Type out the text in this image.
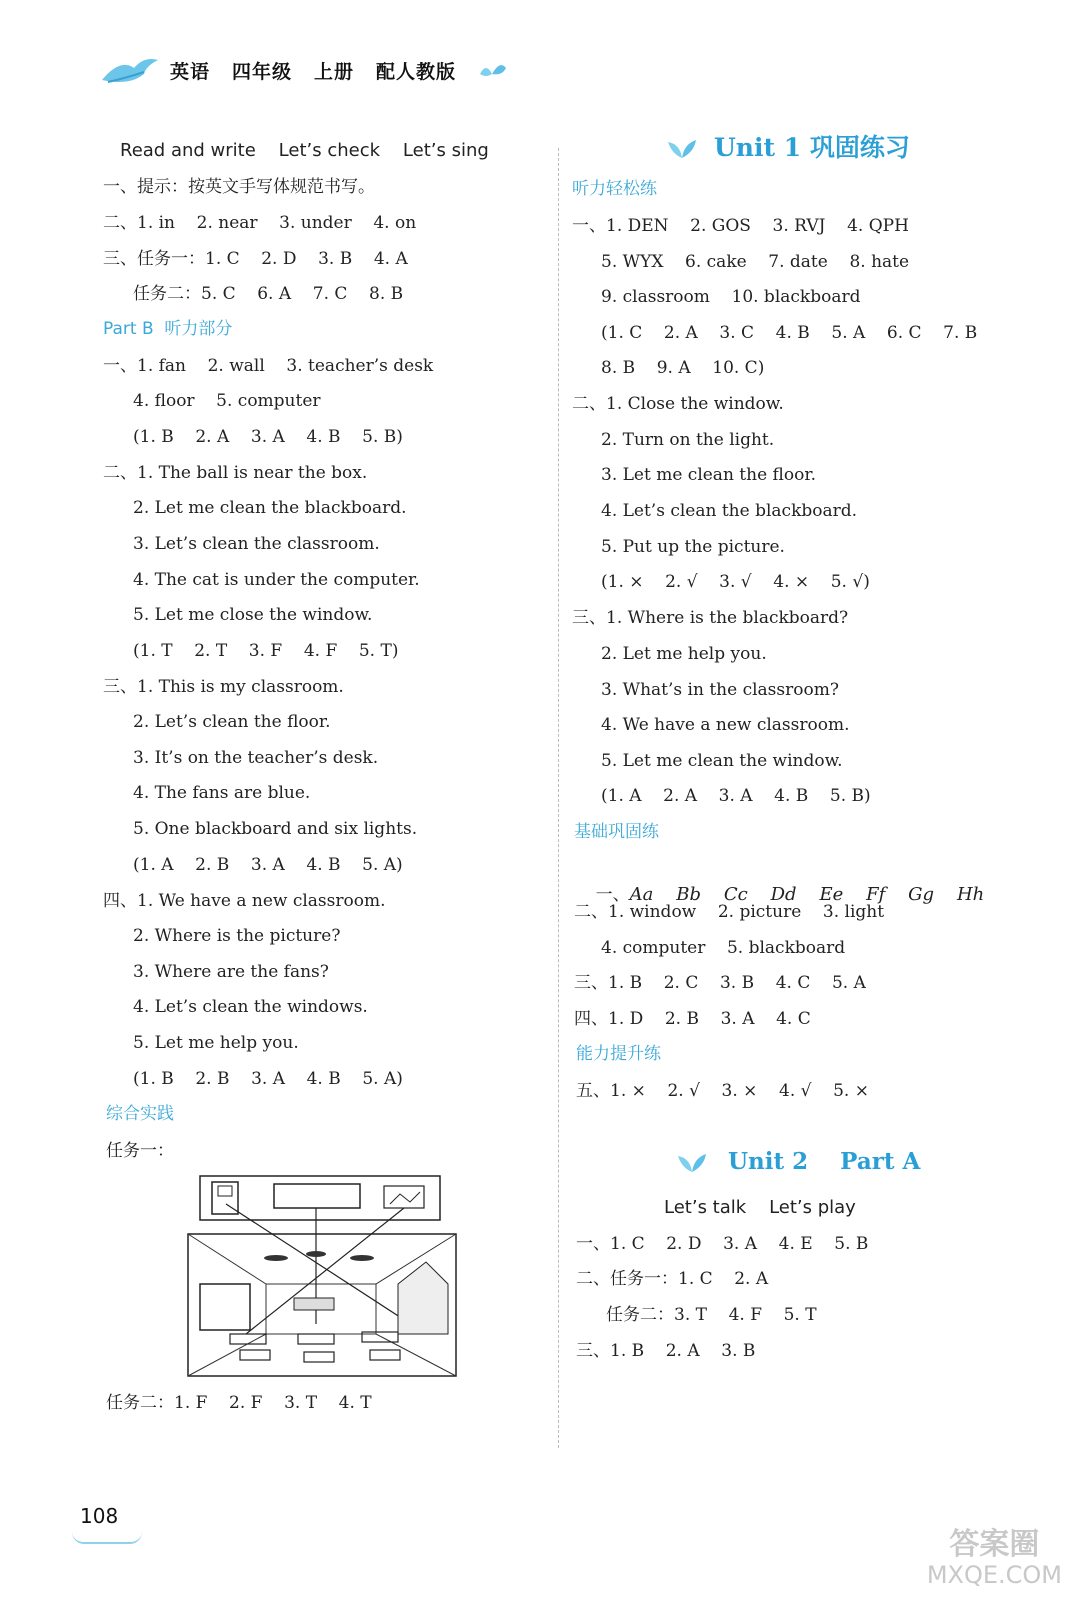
英语 四年级 上册 配人教版
Read and write    Let’s check    Let’s sing
一、提示：按英文手写体规范书写。
二、1. in    2. near    3. under    4. on
三、任务一：1. C    2. D    3. B    4. A
任务二：5. C    6. A    7. C    8. B
Part B  听力部分
一、1. fan    2. wall    3. teacher’s desk
4. floor    5. computer
(1. B    2. A    3. A    4. B    5. B)
二、1. The ball is near the box.
2. Let me clean the blackboard.
3. Let’s clean the classroom.
4. The cat is under the computer.
5. Let me close the window.
(1. T    2. T    3. F    4. F    5. T)
三、1. This is my classroom.
2. Let’s clean the floor.
3. It’s on the teacher’s desk.
4. The fans are blue.
5. One blackboard and six lights.
(1. A    2. B    3. A    4. B    5. A)
四、1. We have a new classroom.
2. Where is the picture?
3. Where are the fans?
4. Let’s clean the windows.
5. Let me help you.
(1. B    2. B    3. A    4. B    5. A)
综合实践
任务一：
任务二：1. F    2. F    3. T    4. T
Unit 1 巩固练习
听力轻松练
一、1. DEN    2. GOS    3. RVJ    4. QPH
5. WYX    6. cake    7. date    8. hate
9. classroom    10. blackboard
(1. C    2. A    3. C    4. B    5. A    6. C    7. B
8. B    9. A    10. C)
二、1. Close the window.
2. Turn on the light.
3. Let me clean the floor.
4. Let’s clean the blackboard.
5. Put up the picture.
(1. ×    2. √    3. √    4. ×    5. √)
三、1. Where is the blackboard?
2. Let me help you.
3. What’s in the classroom?
4. We have a new classroom.
5. Let me clean the window.
(1. A    2. A    3. A    4. B    5. B)
基础巩固练

一、Aa    Bb    Cc    Dd    Ee    Ff    Gg    Hh

二、1. window    2. picture    3. light
4. computer    5. blackboard
三、1. B    2. C    3. B    4. C    5. A
四、1. D    2. B    3. A    4. C
能力提升练
五、1. ×    2. √    3. ×    4. √    5. ×
Unit 2    Part A
Let’s talk    Let’s play
一、1. C    2. D    3. A    4. E    5. B
二、任务一：1. C    2. A
任务二：3. T    4. F    5. T
三、1. B    2. A    3. B
108
答案圈
MXQE.COM
